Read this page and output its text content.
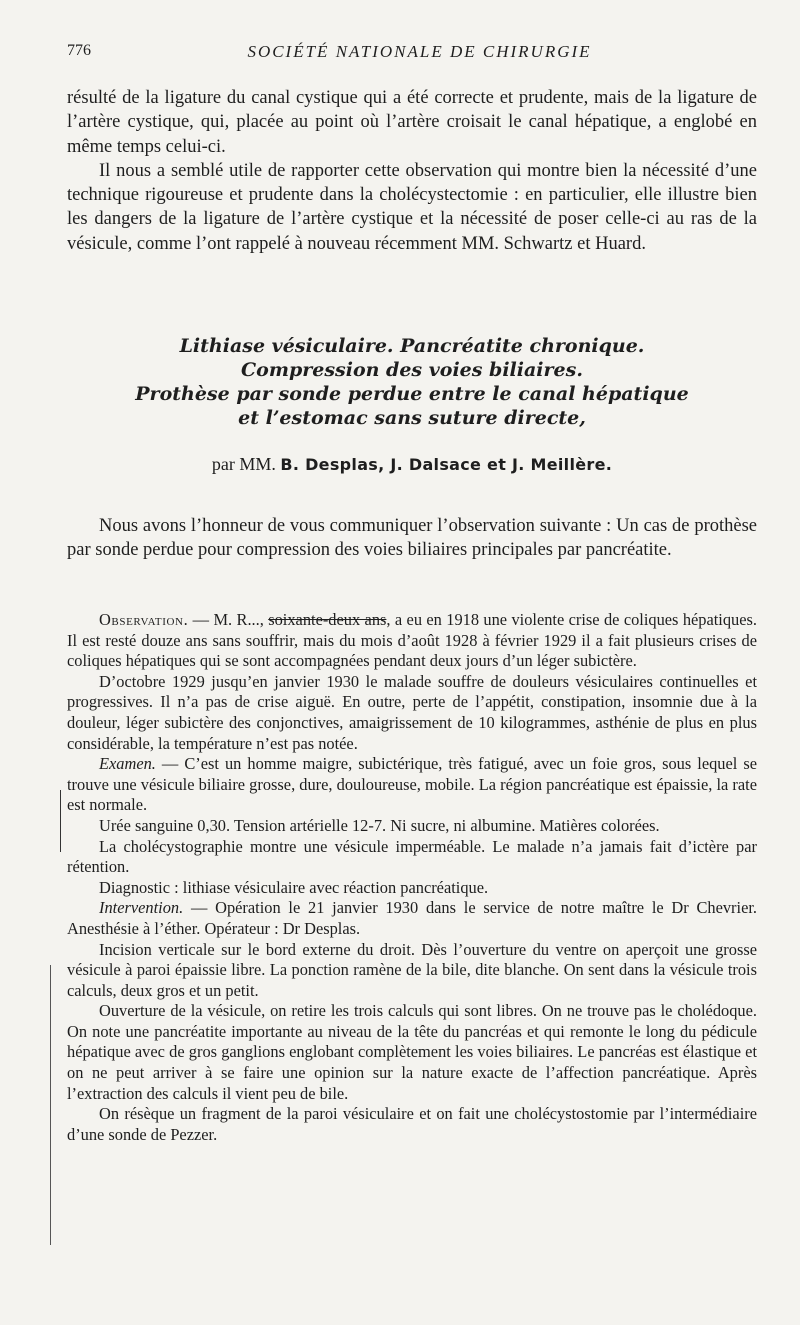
776	SOCIÉTÉ NATIONALE DE CHIRURGIE

résulté de la ligature du canal cystique qui a été correcte et prudente, mais de la ligature de l’artère cystique, qui, placée au point où l’artère croisait le canal hépatique, a englobé en même temps celui-ci.

Il nous a semblé utile de rapporter cette observation qui montre bien la nécessité d’une technique rigoureuse et prudente dans la cholécystectomie : en particulier, elle illustre bien les dangers de la ligature de l’artère cystique et la nécessité de poser celle-ci au ras de la vésicule, comme l’ont rappelé à nouveau récemment MM. Schwartz et Huard.

Lithiase vésiculaire. Pancréatite chronique.
Compression des voies biliaires.
Prothèse par sonde perdue entre le canal hépatique
et l’estomac sans suture directe,
par MM. B. Desplas, J. Dalsace et J. Meillère.

Nous avons l’honneur de vous communiquer l’observation suivante : Un cas de prothèse par sonde perdue pour compression des voies biliaires principales par pancréatite.

Observation. — M. R..., soixante-deux ans, a eu en 1918 une violente crise de coliques hépatiques. Il est resté douze ans sans souffrir, mais du mois d’août 1928 à février 1929 il a fait plusieurs crises de coliques hépatiques qui se sont accompagnées pendant deux jours d’un léger subictère.

D’octobre 1929 jusqu’en janvier 1930 le malade souffre de douleurs vésiculaires continuelles et progressives. Il n’a pas de crise aiguë. En outre, perte de l’appétit, constipation, insomnie due à la douleur, léger subictère des conjonctives, amaigrissement de 10 kilogrammes, asthénie de plus en plus considérable, la température n’est pas notée.

Examen. — C’est un homme maigre, subictérique, très fatigué, avec un foie gros, sous lequel se trouve une vésicule biliaire grosse, dure, douloureuse, mobile. La région pancréatique est épaissie, la rate est normale.

Urée sanguine 0,30. Tension artérielle 12-7. Ni sucre, ni albumine. Matières colorées.

La cholécystographie montre une vésicule imperméable. Le malade n’a jamais fait d’ictère par rétention.

Diagnostic : lithiase vésiculaire avec réaction pancréatique.

Intervention. — Opération le 21 janvier 1930 dans le service de notre maître le Dr Chevrier. Anesthésie à l’éther. Opérateur : Dr Desplas.

Incision verticale sur le bord externe du droit. Dès l’ouverture du ventre on aperçoit une grosse vésicule à paroi épaissie libre. La ponction ramène de la bile, dite blanche. On sent dans la vésicule trois calculs, deux gros et un petit.

Ouverture de la vésicule, on retire les trois calculs qui sont libres. On ne trouve pas le cholédoque. On note une pancréatite importante au niveau de la tête du pancréas et qui remonte le long du pédicule hépatique avec de gros ganglions englobant complètement les voies biliaires. Le pancréas est élastique et on ne peut arriver à se faire une opinion sur la nature exacte de l’affection pancréatique. Après l’extraction des calculs il vient peu de bile.

On résèque un fragment de la paroi vésiculaire et on fait une cholécystostomie par l’intermédiaire d’une sonde de Pezzer.
